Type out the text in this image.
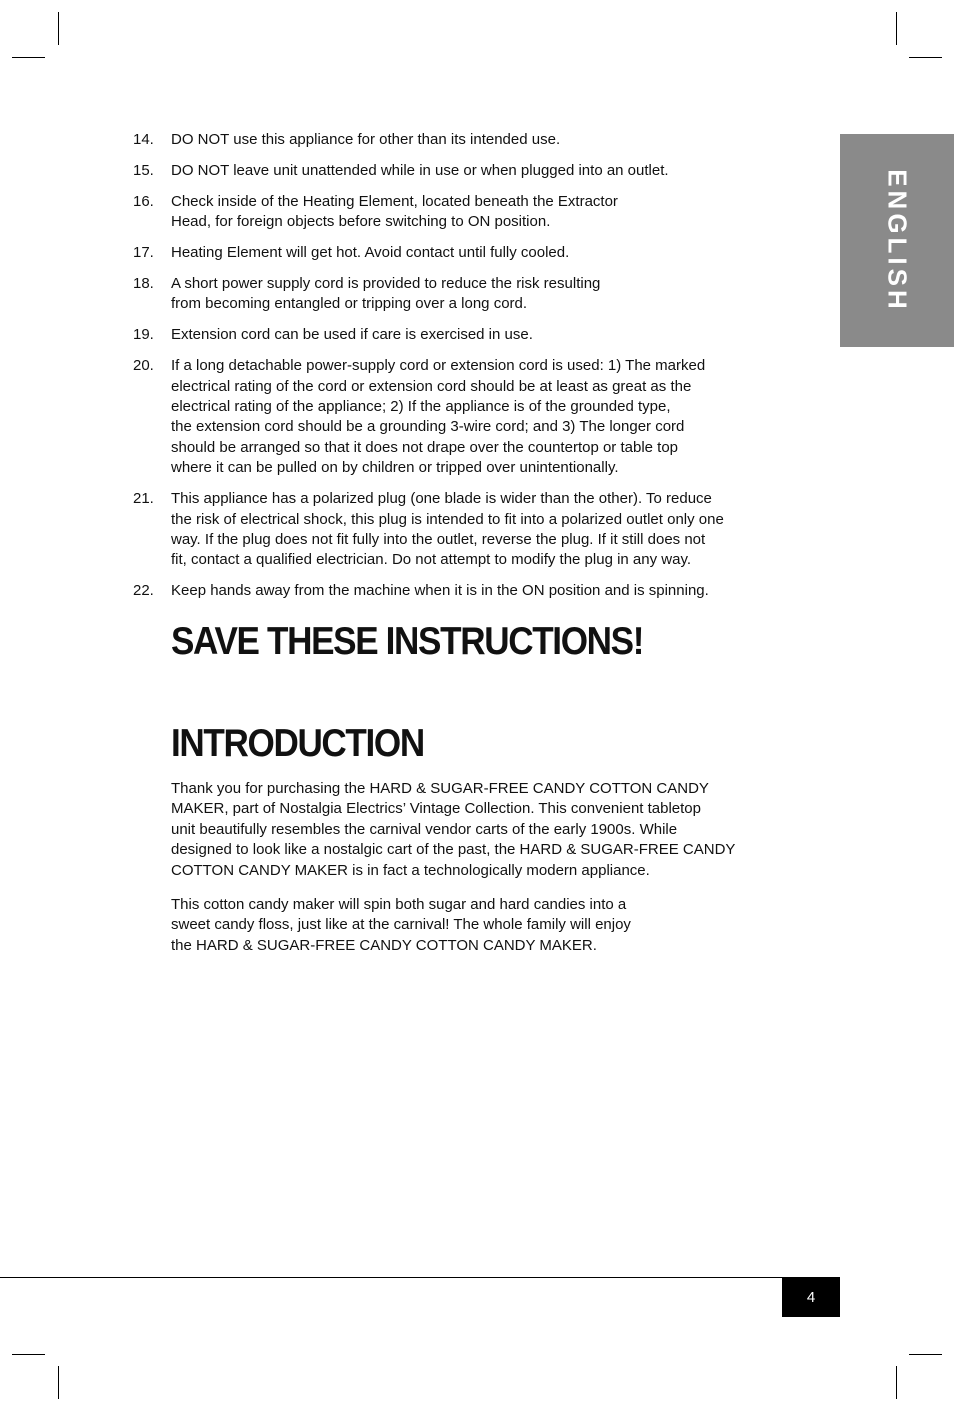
ENGLISH
14.	DO NOT use this appliance for other than its intended use.
15.	DO NOT leave unit unattended while in use or when plugged into an outlet.
16.	Check inside of the Heating Element, located beneath the Extractor
Head, for foreign objects before switching to ON position.
17.	Heating Element will get hot. Avoid contact until fully cooled.
18.	A short power supply cord is provided to reduce the risk resulting
from becoming entangled or tripping over a long cord.
19.	Extension cord can be used if care is exercised in use.
20.	If a long detachable power-supply cord or extension cord is used: 1) The marked
electrical rating of the cord or extension cord should be at least as great as the
electrical rating of the appliance; 2) If the appliance is of the grounded type,
the extension cord should be a grounding 3-wire cord; and 3) The longer cord
should be arranged so that it does not drape over the countertop or table top
where it can be pulled on by children or tripped over unintentionally.
21.	This appliance has a polarized plug (one blade is wider than the other). To reduce
the risk of electrical shock, this plug is intended to fit into a polarized outlet only one
way. If the plug does not fit fully into the outlet, reverse the plug. If it still does not
fit, contact a qualified electrician. Do not attempt to modify the plug in any way.
22.	Keep hands away from the machine when it is in the ON position and is spinning.
SAVE THESE INSTRUCTIONS!
INTRODUCTION

Thank you for purchasing the HARD & SUGAR-FREE CANDY COTTON CANDY
MAKER, part of Nostalgia Electrics’ Vintage Collection. This convenient tabletop
unit beautifully resembles the carnival vendor carts of the early 1900s. While
designed to look like a nostalgic cart of the past, the HARD & SUGAR-FREE CANDY
COTTON CANDY MAKER is in fact a technologically modern appliance.

This cotton candy maker will spin both sugar and hard candies into a
sweet candy floss, just like at the carnival! The whole family will enjoy
the HARD & SUGAR-FREE CANDY COTTON CANDY MAKER.

4
